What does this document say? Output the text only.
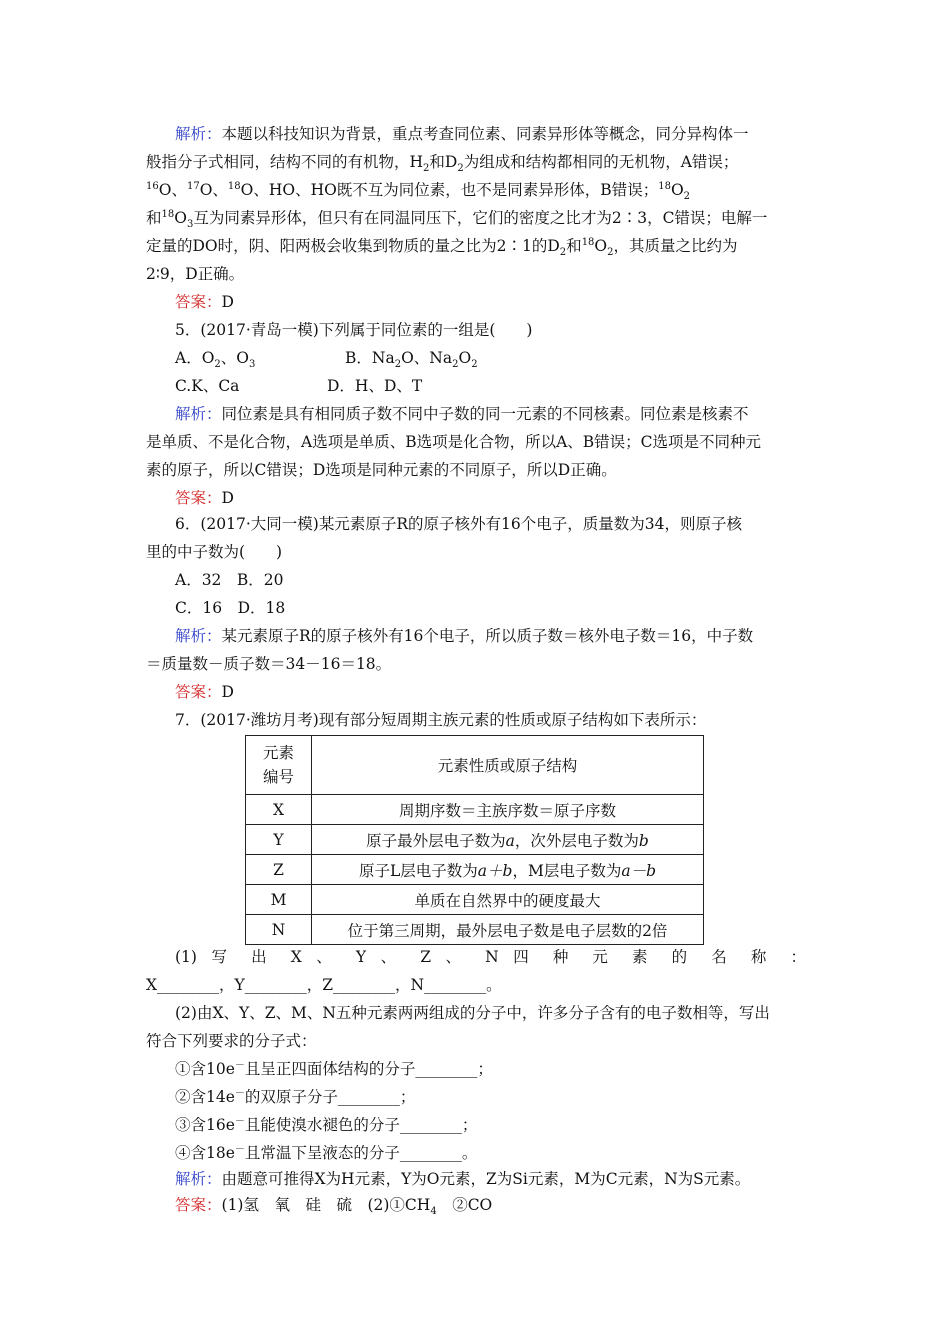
解析：本题以科技知识为背景，重点考查同位素、同素异形体等概念，同分异构体一
般指分子式相同，结构不同的有机物，$H_2$和$D_2$为组成和结构都相同的无机物，A错误；
$^{16}$O、$^{17}$O、$^{18}$O、HO、HO既不互为同位素，也不是同素异形体，B错误；$^{18}O_2$
和$^{18}O_3$互为同素异形体，但只有在同温同压下，它们的密度之比才为2∶3，C错误；电解一
定量的DO时，阴、阳两极会收集到物质的量之比为2∶1的$D_2$和$^{18}O_2$，其质量之比约为
2∶9，D正确。
答案：D
5．(2017·青岛一模)下列属于同位素的一组是(　　)
A．$O_2$、$O_3$	B．$Na_2O$、$Na_2O_2$
C.K、Ca	D．H、D、T
解析：同位素是具有相同质子数不同中子数的同一元素的不同核素。同位素是核素不
是单质、不是化合物，A选项是单质、B选项是化合物，所以A、B错误；C选项是不同种元
素的原子，所以C错误；D选项是同种元素的不同原子，所以D正确。
答案：D
6．(2017·大同一模)某元素原子R的原子核外有16个电子，质量数为34，则原子核
里的中子数为(　　)
A．32　B．20
C．16　D．18
解析：某元素原子R的原子核外有16个电子，所以质子数＝核外电子数＝16，中子数
＝质量数－质子数＝34－16＝18。
答案：D
7．(2017·潍坊月考)现有部分短周期主族元素的性质或原子结构如下表所示：
元素
编号	元素性质或原子结构
X	周期序数＝主族序数＝原子序数
Y	原子最外层电子数为a，次外层电子数为b
Z	原子L层电子数为a＋b，M层电子数为a－b
M	单质在自然界中的硬度最大
N	位于第三周期，最外层电子数是电子层数的2倍
(1) 写 出 X 、 Y 、 Z 、 N 四 种 元 素 的 名 称 ：
X________，Y________，Z________，N________。
(2)由X、Y、Z、M、N五种元素两两组成的分子中，许多分子含有的电子数相等，写出
符合下列要求的分子式：
①含10e－且呈正四面体结构的分子________；
②含14e－的双原子分子________；
③含16e－且能使溴水褪色的分子________；
④含18e－且常温下呈液态的分子________。
解析：由题意可推得X为H元素，Y为O元素，Z为Si元素，M为C元素，N为S元素。
答案：(1)氢　氧　硅　硫　$(2)①CH_4$　②CO
